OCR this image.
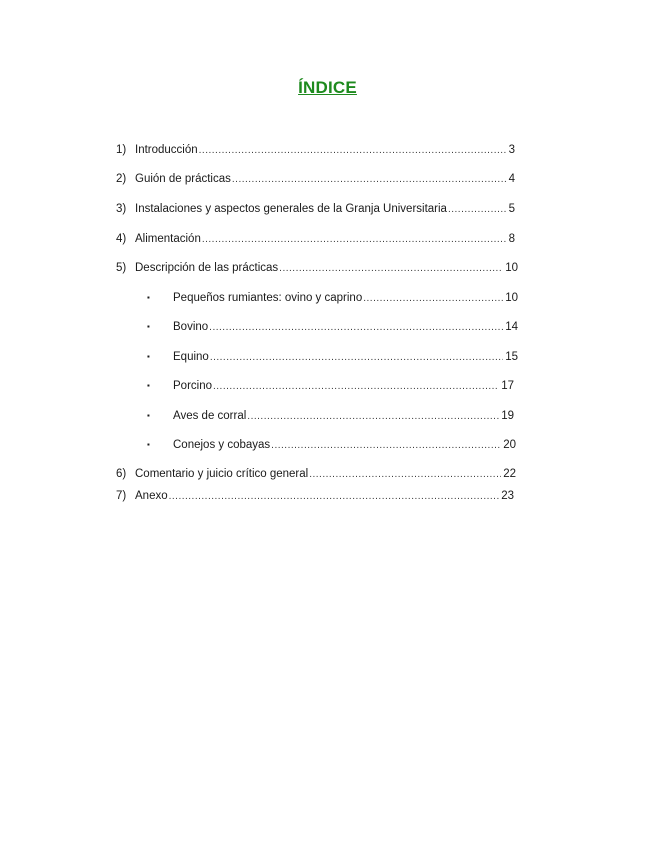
ÍNDICE
1) Introducción .....	3
2) Guión de prácticas .....	4
3) Instalaciones y aspectos generales de la Granja Universitaria .....	5
4) Alimentación .....	8
5) Descripción de las prácticas .....	10
▪	Pequeños rumiantes: ovino y caprino .....	10
▪	Bovino .....	14
▪	Equino .....	15
▪	Porcino .....	17
▪	Aves de corral .....	19
▪	Conejos y cobayas .....	20
6) Comentario y juicio crítico general .....	22
7) Anexo .....	23
